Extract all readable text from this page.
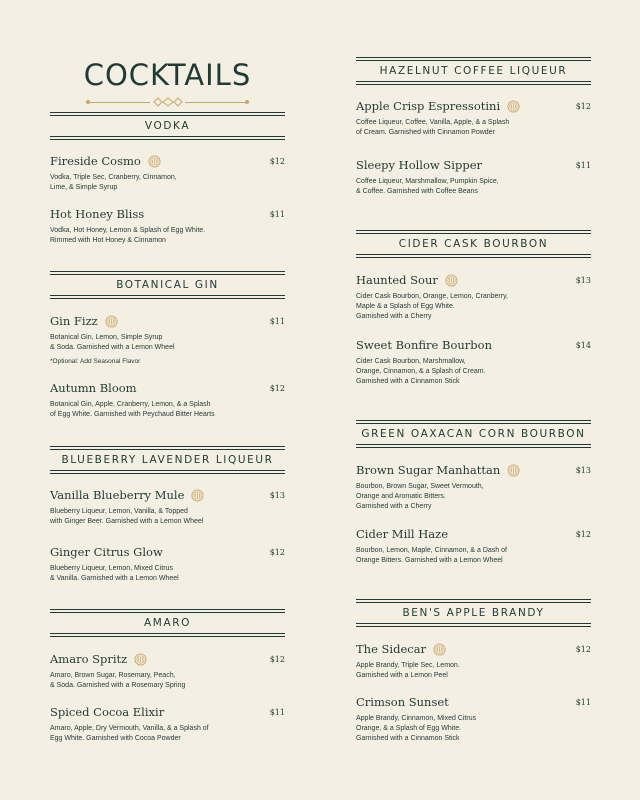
COCKTAILS
VODKA
Fireside Cosmo	$12
Vodka, Triple Sec, Cranberry, Cinnamon,
Lime, & Simple Syrup
Hot Honey Bliss	$11
Vodka, Hot Honey, Lemon & Splash of Egg White.
Rimmed with Hot Honey & Cinnamon
BOTANICAL GIN
Gin Fizz	$11
Botanical Gin, Lemon, Simple Syrup
& Soda. Garnished with a Lemon Wheel
*Optional: Add Seasonal Flavor
Autumn Bloom	$12
Botanical Gin, Apple, Cranberry, Lemon, & a Splash
of Egg White. Garnished with Peychaud Bitter Hearts
BLUEBERRY LAVENDER LIQUEUR
Vanilla Blueberry Mule	$13
Blueberry Liqueur, Lemon, Vanilla, & Topped
with Ginger Beer. Garnished with a Lemon Wheel
Ginger Citrus Glow	$12
Blueberry Liqueur, Lemon, Mixed Citrus
& Vanilla. Garnished with a Lemon Wheel
AMARO
Amaro Spritz	$12
Amaro, Brown Sugar, Rosemary, Peach,
& Soda. Garnished with a Rosemary Spring
Spiced Cocoa Elixir	$11
Amaro, Apple, Dry Vermouth, Vanilla, & a Splash of
Egg White. Garnished with Cocoa Powder
HAZELNUT COFFEE LIQUEUR
Apple Crisp Espressotini	$12
Coffee Liqueur, Coffee, Vanilla, Apple, & a Splash
of Cream. Garnished with Cinnamon Powder
Sleepy Hollow Sipper	$11
Coffee Liqueur, Marshmallow, Pumpkin Spice,
& Coffee. Garnished with Coffee Beans
CIDER CASK BOURBON
Haunted Sour	$13
Cider Cask Bourbon, Orange, Lemon, Cranberry,
Maple & a Splash of Egg White.
Garnished with a Cherry
Sweet Bonfire Bourbon	$14
Cider Cask Bourbon, Marshmallow,
Orange, Cinnamon, & a Splash of Cream.
Garnished with a Cinnamon Stick
GREEN OAXACAN CORN BOURBON
Brown Sugar Manhattan	$13
Bourbon, Brown Sugar, Sweet Vermouth,
Orange and Aromatic Bitters.
Garnished with a Cherry
Cider Mill Haze	$12
Bourbon, Lemon, Maple, Cinnamon, & a Dash of
Orange Bitters. Garnished with a Lemon Wheel
BEN'S APPLE BRANDY
The Sidecar	$12
Apple Brandy, Triple Sec, Lemon.
Garnished with a Lemon Peel
Crimson Sunset	$11
Apple Brandy, Cinnamon, Mixed Citrus
Orange, & a Splash of Egg White.
Garnished with a Cinnamon Stick
